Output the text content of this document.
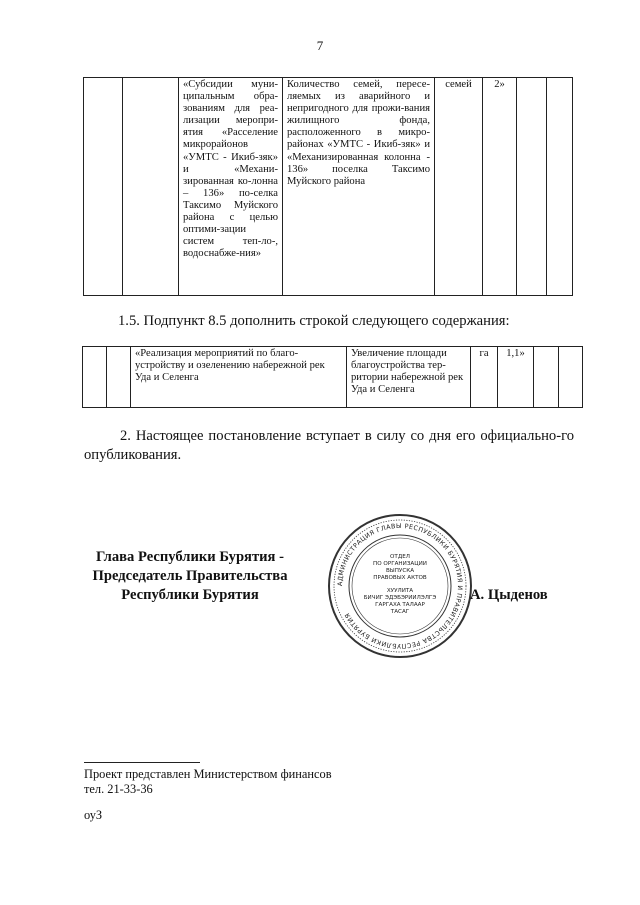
7
		«Субсидии муни-ципальным обра-зованиям для реа-лизации меропри-ятия «Расселение микрорайонов «УМТС - Икиб-зяк» и «Механи-зированная ко-лонна – 136» по-селка Таксимо Муйского района с целью оптими-зации систем теп-ло-, водоснабже-ния»	Количество семей, пересе-ляемых из аварийного и непригодного для прожи-вания жилищного фонда, расположенного в микро-районах «УМТС - Икиб-зяк» и «Механизированная колонна - 136» поселка Таксимо Муйского района	семей	2»		
1.5. Подпункт 8.5 дополнить строкой следующего содержания:
		«Реализация мероприятий по благо-устройству и озеленению набережной рек Уда и Селенга	Увеличение площади благоустройства тер-ритории набережной рек Уда и Селенга	га	1,1»		
2. Настоящее постановление вступает в силу со дня его официально-го опубликования.
Глава Республики Бурятия -
Председатель Правительства
Республики Бурятия
АДМИНИСТРАЦИЯ ГЛАВЫ РЕСПУБЛИКИ БУРЯТИЯ И ПРАВИТЕЛЬСТВА РЕСПУБЛИКИ БУРЯТИЯ
ОТДЕЛ
ПО ОРГАНИЗАЦИИ
ВЫПУСКА
ПРАВОВЫХ АКТОВ
ХУУЛИТА
БИЧИГ ЭДЭБЭРИИЛЭЛГЭ
ГАРГАХА ТАЛААР
ТАСАГ
А. Цыденов
Проект представлен Министерством финансов
тел. 21-33-36
оуЗ
